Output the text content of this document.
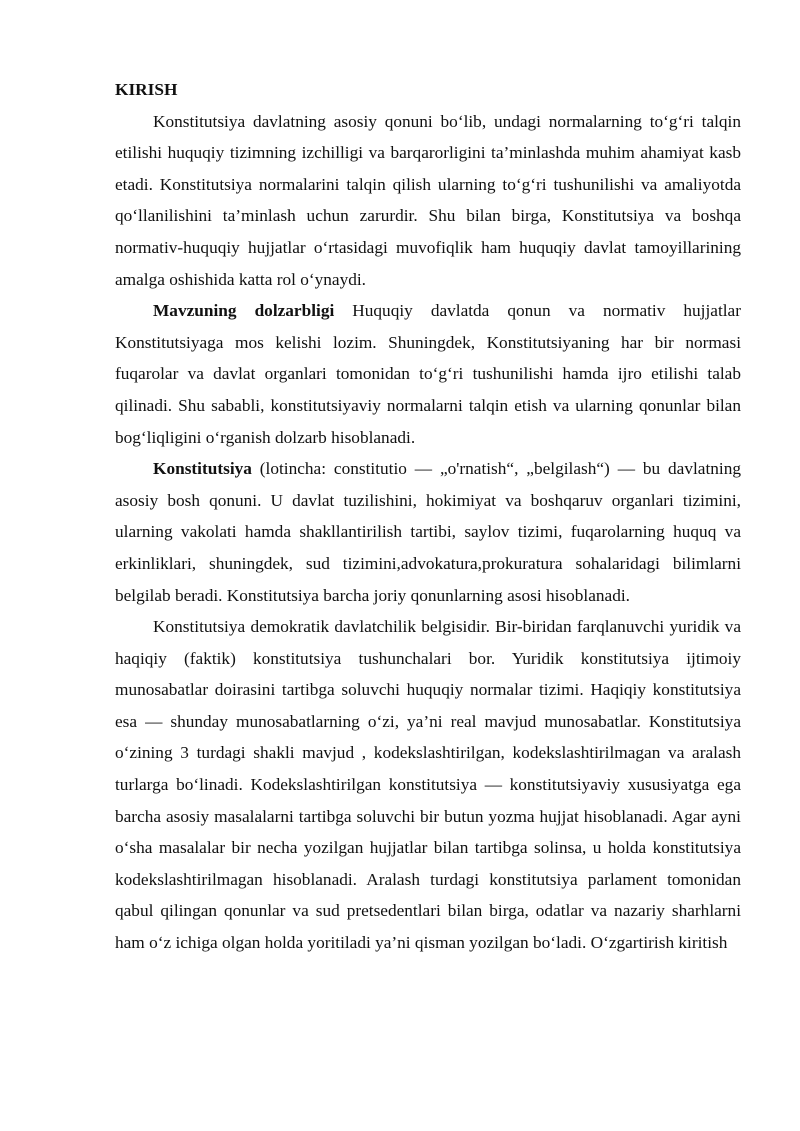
KIRISH

Konstitutsiya davlatning asosiy qonuni bo‘lib, undagi normalarning to‘g‘ri talqin etilishi huquqiy tizimning izchilligi va barqarorligini ta’minlashda muhim ahamiyat kasb etadi. Konstitutsiya normalarini talqin qilish ularning to‘g‘ri tushunilishi va amaliyotda qo‘llanilishini ta’minlash uchun zarurdir. Shu bilan birga, Konstitutsiya va boshqa normativ-huquqiy hujjatlar o‘rtasidagi muvofiqlik ham huquqiy davlat tamoyillarining amalga oshishida katta rol o‘ynaydi.

Mavzuning dolzarbligi Huquqiy davlatda qonun va normativ hujjatlar Konstitutsiyaga mos kelishi lozim. Shuningdek, Konstitutsiyaning har bir normasi fuqarolar va davlat organlari tomonidan to‘g‘ri tushunilishi hamda ijro etilishi talab qilinadi. Shu sababli, konstitutsiyaviy normalarni talqin etish va ularning qonunlar bilan bog‘liqligini o‘rganish dolzarb hisoblanadi.

Konstitutsiya (lotincha: constitutio — „o'rnatish“, „belgilash“) — bu davlatning asosiy bosh qonuni. U davlat tuzilishini, hokimiyat va boshqaruv organlari tizimini, ularning vakolati hamda shakllantirilish tartibi, saylov tizimi, fuqarolarning huquq va erkinliklari, shuningdek, sud tizimini,advokatura,prokuratura sohalaridagi bilimlarni belgilab beradi. Konstitutsiya barcha joriy qonunlarning asosi hisoblanadi.

Konstitutsiya demokratik davlatchilik belgisidir. Bir-biridan farqlanuvchi yuridik va haqiqiy (faktik) konstitutsiya tushunchalari bor. Yuridik konstitutsiya ijtimoiy munosabatlar doirasini tartibga soluvchi huquqiy normalar tizimi. Haqiqiy konstitutsiya esa — shunday munosabatlarning o‘zi, ya’ni real mavjud munosabatlar. Konstitutsiya o‘zining 3 turdagi shakli mavjud , kodekslashtirilgan, kodekslashtirilmagan va aralash turlarga bo‘linadi. Kodekslashtirilgan konstitutsiya — konstitutsiyaviy xususiyatga ega barcha asosiy masalalarni tartibga soluvchi bir butun yozma hujjat hisoblanadi. Agar ayni o‘sha masalalar bir necha yozilgan hujjatlar bilan tartibga solinsa, u holda konstitutsiya kodekslashtirilmagan hisoblanadi. Aralash turdagi konstitutsiya parlament tomonidan qabul qilingan qonunlar va sud pretsedentlari bilan birga, odatlar va nazariy sharhlarni ham o‘z ichiga olgan holda yoritiladi ya’ni qisman yozilgan bo‘ladi. O‘zgartirish kiritish
